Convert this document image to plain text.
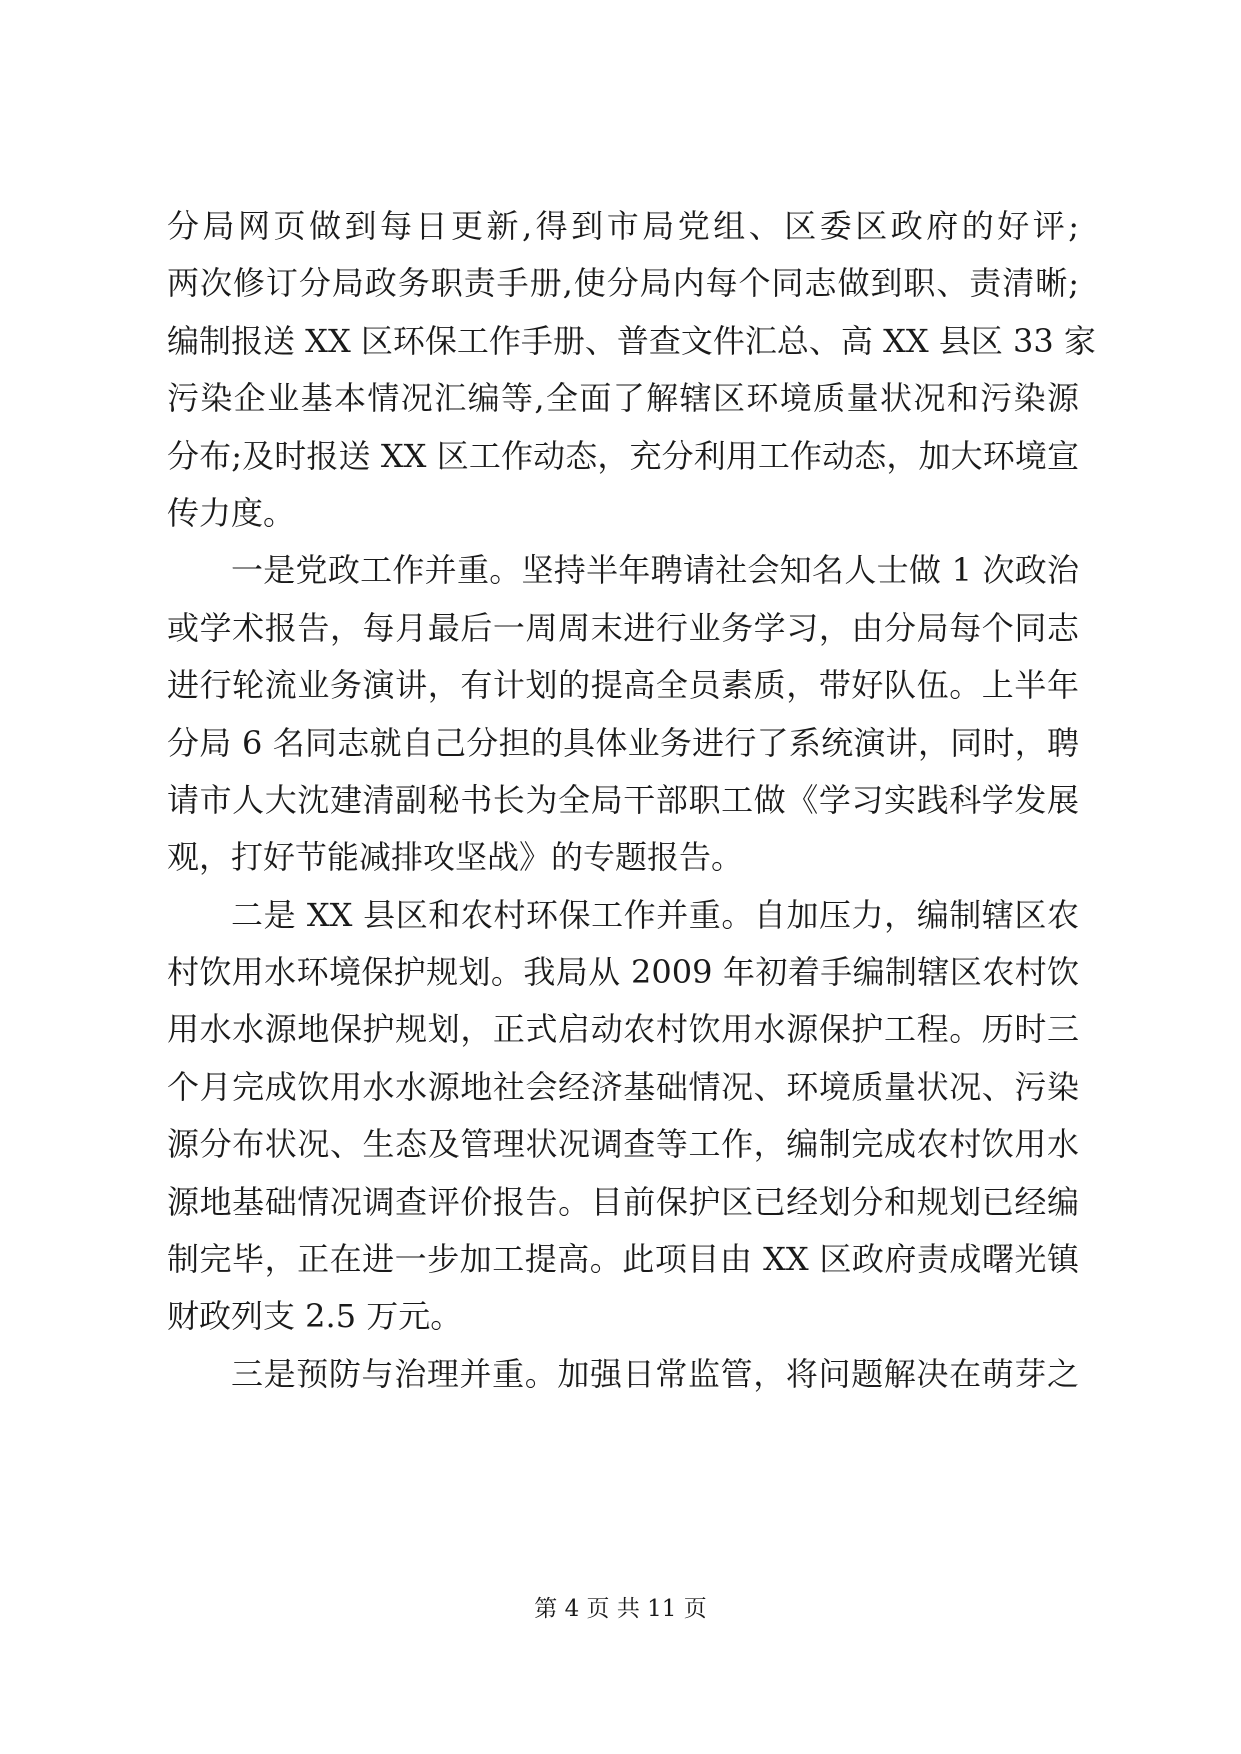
分局网页做到每日更新,得到市局党组、区委区政府的好评;
两次修订分局政务职责手册,使分局内每个同志做到职、责清晰;
编制报送 XX 区环保工作手册、普查文件汇总、高 XX 县区 33 家
污染企业基本情况汇编等,全面了解辖区环境质量状况和污染源
分布;及时报送 XX 区工作动态，充分利用工作动态，加大环境宣
传力度。
一是党政工作并重。坚持半年聘请社会知名人士做 1 次政治
或学术报告，每月最后一周周末进行业务学习，由分局每个同志
进行轮流业务演讲，有计划的提高全员素质，带好队伍。上半年
分局 6 名同志就自己分担的具体业务进行了系统演讲，同时，聘
请市人大沈建清副秘书长为全局干部职工做《学习实践科学发展
观，打好节能减排攻坚战》的专题报告。
二是 XX 县区和农村环保工作并重。自加压力，编制辖区农
村饮用水环境保护规划。我局从 2009 年初着手编制辖区农村饮
用水水源地保护规划，正式启动农村饮用水源保护工程。历时三
个月完成饮用水水源地社会经济基础情况、环境质量状况、污染
源分布状况、生态及管理状况调查等工作，编制完成农村饮用水
源地基础情况调查评价报告。目前保护区已经划分和规划已经编
制完毕，正在进一步加工提高。此项目由 XX 区政府责成曙光镇
财政列支 2.5 万元。
三是预防与治理并重。加强日常监管，将问题解决在萌芽之
第 4 页 共 11 页
